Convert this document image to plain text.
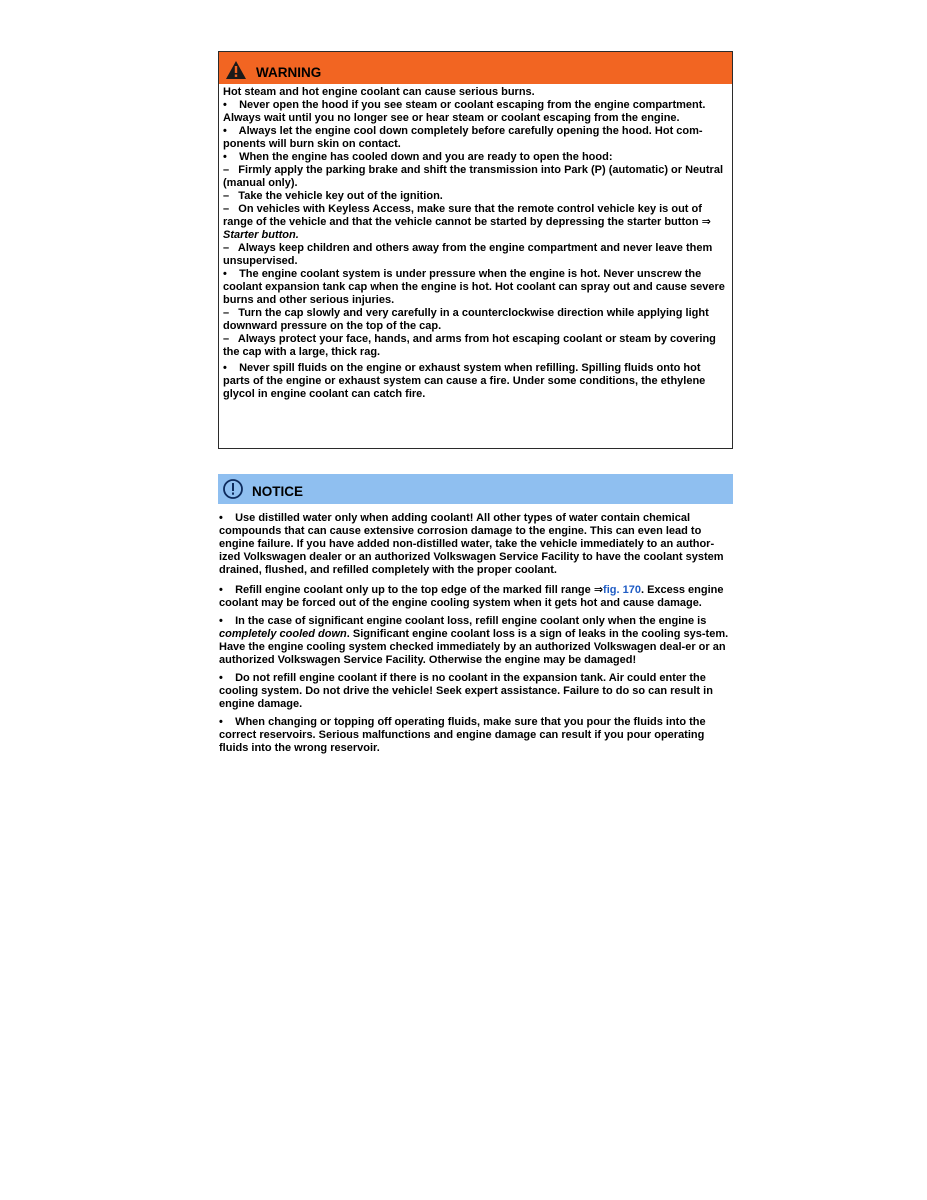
WARNING

Hot steam and hot engine coolant can cause serious burns.

•    Never open the hood if you see steam or coolant escaping from the engine compartment. Always wait until you no longer see or hear steam or coolant escaping from the engine.

•    Always let the engine cool down completely before carefully opening the hood. Hot com-ponents will burn skin on contact.

•    When the engine has cooled down and you are ready to open the hood:

–   Firmly apply the parking brake and shift the transmission into Park (P) (automatic) or Neutral (manual only).

–   Take the vehicle key out of the ignition.

–   On vehicles with Keyless Access, make sure that the remote control vehicle key is out of range of the vehicle and that the vehicle cannot be started by depressing the starter button ⇒ Starter button.

–   Always keep children and others away from the engine compartment and never leave them unsupervised.

•    The engine coolant system is under pressure when the engine is hot. Never unscrew the coolant expansion tank cap when the engine is hot. Hot coolant can spray out and cause severe burns and other serious injuries.

–   Turn the cap slowly and very carefully in a counterclockwise direction while applying light downward pressure on the top of the cap.

–   Always protect your face, hands, and arms from hot escaping coolant or steam by covering the cap with a large, thick rag.

•    Never spill fluids on the engine or exhaust system when refilling. Spilling fluids onto hot parts of the engine or exhaust system can cause a fire. Under some conditions, the ethylene glycol in engine coolant can catch fire.

NOTICE

•    Use distilled water only when adding coolant! All other types of water contain chemical compounds that can cause extensive corrosion damage to the engine. This can even lead to engine failure. If you have added non-distilled water, take the vehicle immediately to an author-ized Volkswagen dealer or an authorized Volkswagen Service Facility to have the coolant system drained, flushed, and refilled completely with the proper coolant.

•    Refill engine coolant only up to the top edge of the marked fill range ⇒fig. 170. Excess engine coolant may be forced out of the engine cooling system when it gets hot and cause damage.

•    In the case of significant engine coolant loss, refill engine coolant only when the engine is completely cooled down. Significant engine coolant loss is a sign of leaks in the cooling sys-tem. Have the engine cooling system checked immediately by an authorized Volkswagen deal-er or an authorized Volkswagen Service Facility. Otherwise the engine may be damaged!

•    Do not refill engine coolant if there is no coolant in the expansion tank. Air could enter the cooling system. Do not drive the vehicle! Seek expert assistance. Failure to do so can result in engine damage.

•    When changing or topping off operating fluids, make sure that you pour the fluids into the correct reservoirs. Serious malfunctions and engine damage can result if you pour operating fluids into the wrong reservoir.
